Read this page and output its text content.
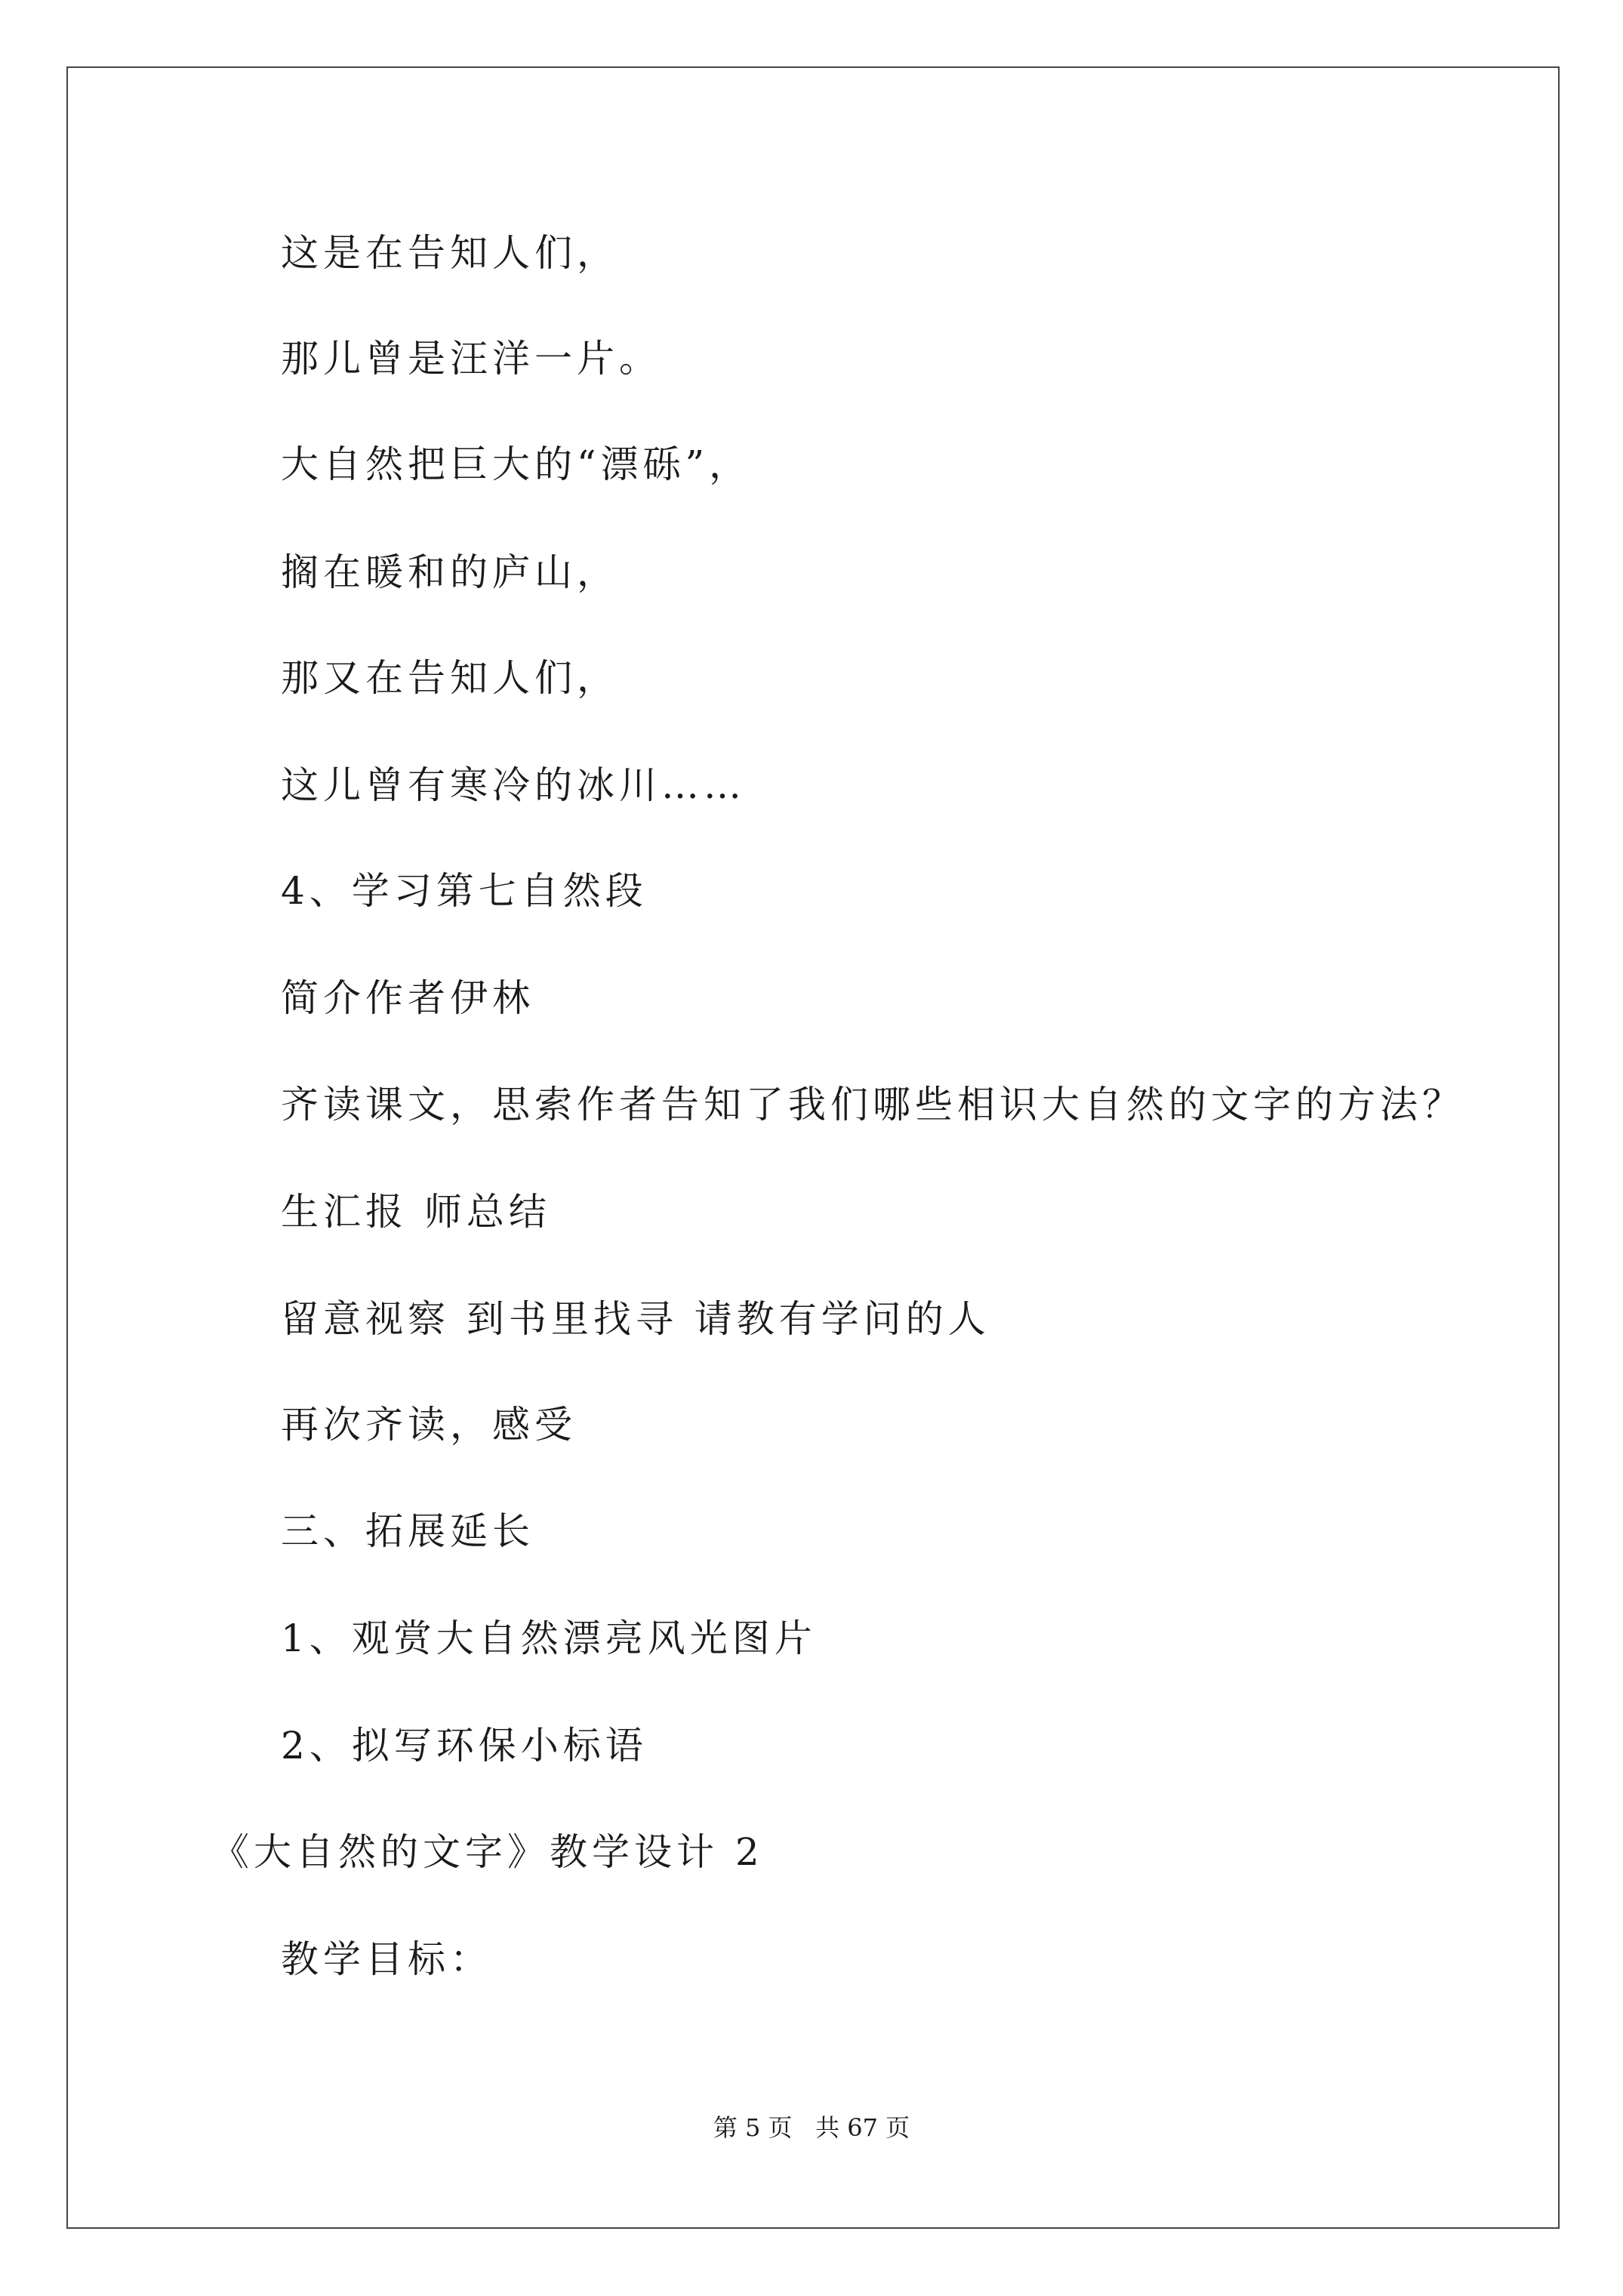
这是在告知人们，
那儿曾是汪洋一片。
大自然把巨大的“漂砾”，
搁在暖和的庐山，
那又在告知人们，
这儿曾有寒冷的冰川……
4、学习第七自然段
简介作者伊林
齐读课文，思索作者告知了我们哪些相识大自然的文字的方法？
生汇报 师总结
留意视察 到书里找寻 请教有学问的人
再次齐读，感受
三、拓展延长
1、观赏大自然漂亮风光图片
2、拟写环保小标语
《大自然的文字》教学设计 2
教学目标：
第 5 页   共 67 页
